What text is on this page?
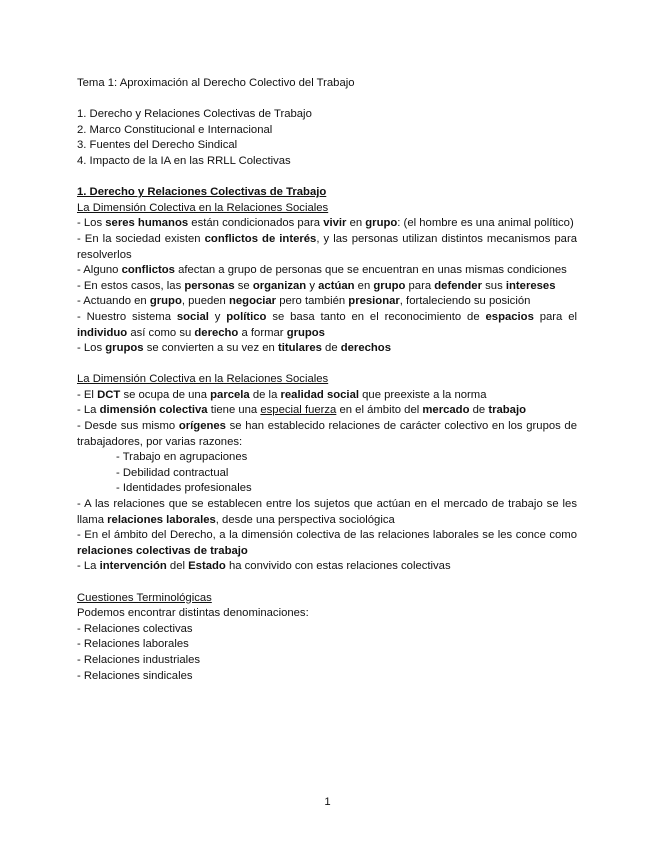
Tema 1: Aproximación al Derecho Colectivo del Trabajo

1. Derecho y Relaciones Colectivas de Trabajo

2. Marco Constitucional e Internacional

3. Fuentes del Derecho Sindical

4. Impacto de la IA en las RRLL Colectivas

1. Derecho y Relaciones Colectivas de Trabajo

La Dimensión Colectiva en la Relaciones Sociales

- Los seres humanos están condicionados para vivir en grupo: (el hombre es una animal político)

- En la sociedad existen conflictos de interés, y las personas utilizan distintos mecanismos para resolverlos

- Alguno conflictos afectan a grupo de personas que se encuentran en unas mismas condiciones

- En estos casos, las personas se organizan y actúan en grupo para defender sus intereses

- Actuando en grupo, pueden negociar pero también presionar, fortaleciendo su posición

- Nuestro sistema social y político se basa tanto en el reconocimiento de espacios para el individuo así como su derecho a formar grupos

- Los grupos se convierten a su vez en titulares de derechos

La Dimensión Colectiva en la Relaciones Sociales

- El DCT se ocupa de una parcela de la realidad social que preexiste a la norma

- La dimensión colectiva tiene una especial fuerza en el ámbito del mercado de trabajo

- Desde sus mismo orígenes se han establecido relaciones de carácter colectivo en los grupos de trabajadores, por varias razones:

- Trabajo en agrupaciones

- Debilidad contractual

- Identidades profesionales

- A las relaciones que se establecen entre los sujetos que actúan en el mercado de trabajo se les llama relaciones laborales, desde una perspectiva sociológica

- En el ámbito del Derecho, a la dimensión colectiva de las relaciones laborales se les conce como relaciones colectivas de trabajo

- La intervención del Estado ha convivido con estas relaciones colectivas

Cuestiones Terminológicas

Podemos encontrar distintas denominaciones:

- Relaciones colectivas

- Relaciones laborales

- Relaciones industriales

- Relaciones sindicales

1
